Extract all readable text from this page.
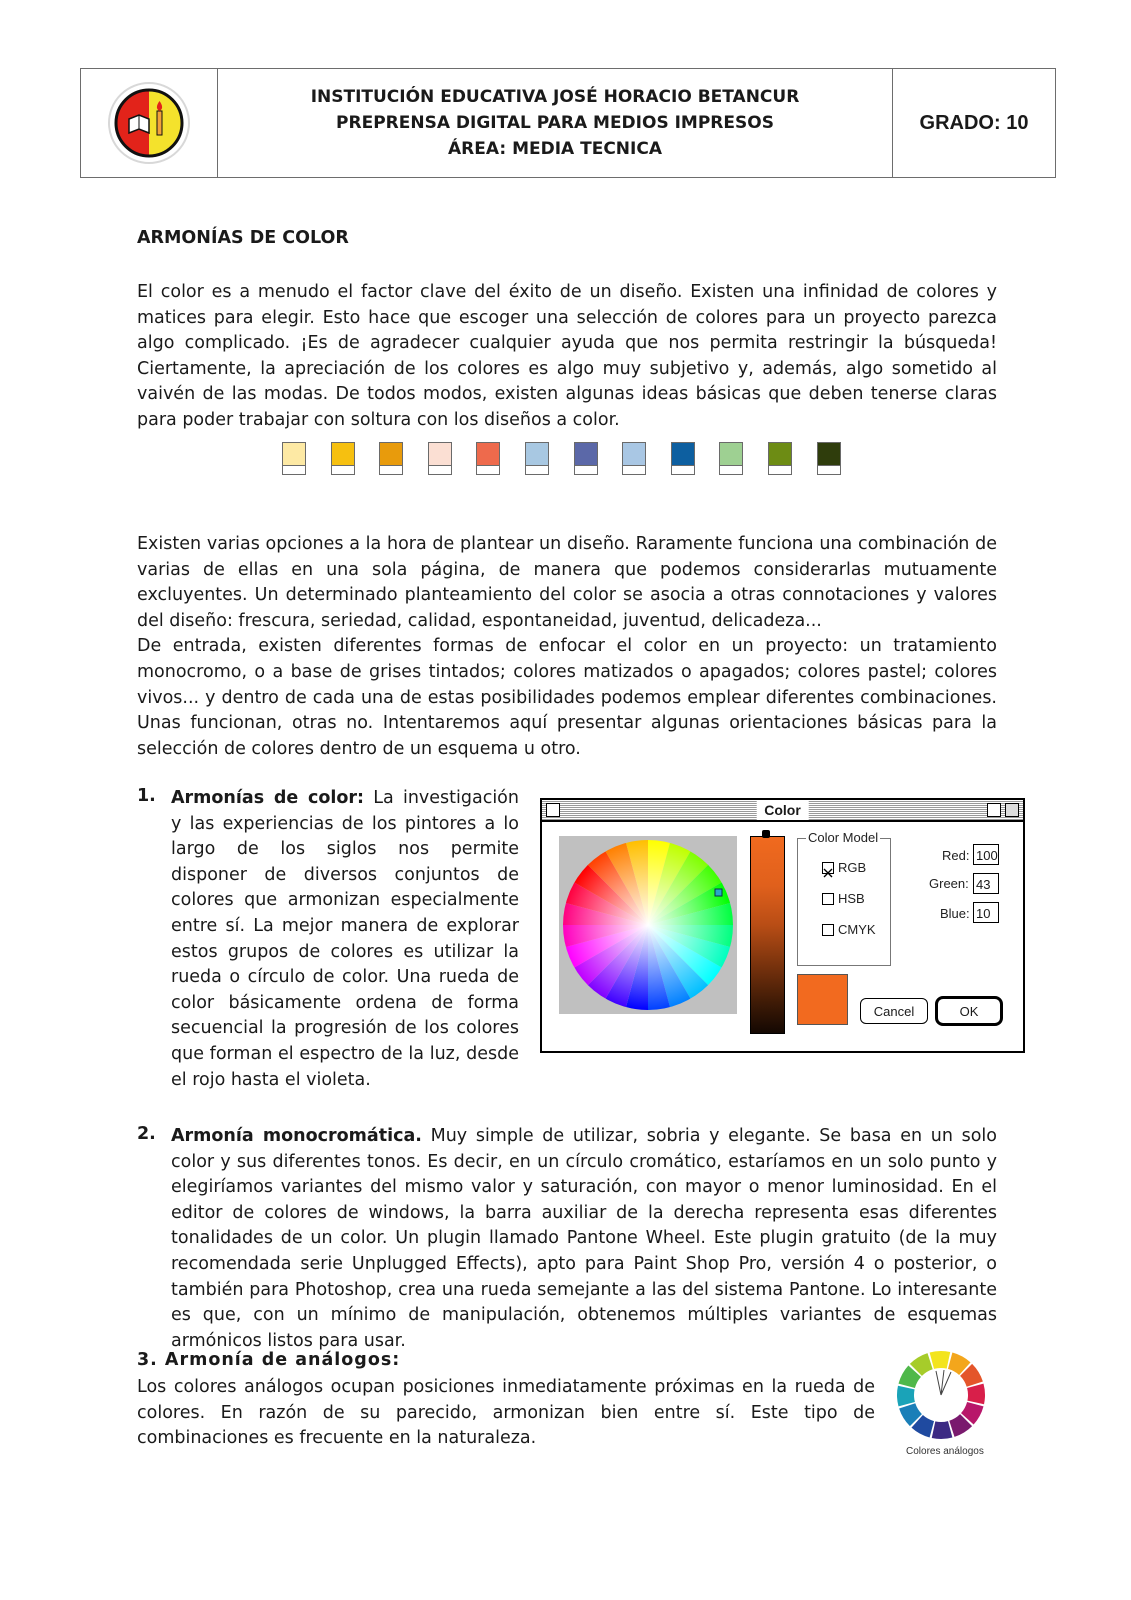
INSTITUCIÓN EDUCATIVA JOSÉ HORACIO BETANCUR
PREPRENSA DIGITAL PARA MEDIOS IMPRESOS
ÁREA: MEDIA TECNICA
GRADO: 10
ARMONÍAS DE COLOR
El color es a menudo el factor clave del éxito de un diseño. Existen una infinidad de colores y matices para elegir. Esto hace que escoger una selección de colores para un proyecto parezca algo complicado. ¡Es de agradecer cualquier ayuda que nos permita restringir la búsqueda! Ciertamente, la apreciación de los colores es algo muy subjetivo y, además, algo sometido al vaivén de las modas. De todos modos, existen algunas ideas básicas que deben tenerse claras para poder trabajar con soltura con los diseños a color.
Existen varias opciones a la hora de plantear un diseño. Raramente funciona una combinación de varias de ellas en una sola página, de manera que podemos considerarlas mutuamente excluyentes. Un determinado planteamiento del color se asocia a otras connotaciones y valores del diseño: frescura, seriedad, calidad, espontaneidad, juventud, delicadeza...
De entrada, existen diferentes formas de enfocar el color en un proyecto: un tratamiento monocromo, o a base de grises tintados; colores matizados o apagados; colores pastel; colores vivos... y dentro de cada una de estas posibilidades podemos emplear diferentes combinaciones. Unas funcionan, otras no. Intentaremos aquí presentar algunas orientaciones básicas para la selección de colores dentro de un esquema u otro.
1. Armonías de color: La investigación y las experiencias de los pintores a lo largo de los siglos nos permite disponer de diversos conjuntos de colores que armonizan especialmente entre sí. La mejor manera de explorar estos grupos de colores es utilizar la rueda o círculo de color. Una rueda de color básicamente ordena de forma secuencial la progresión de los colores que forman el espectro de la luz, desde el rojo hasta el violeta.
Color
Color Model
RGB
HSB
CMYK
Red: 100
Green: 43
Blue: 10
Cancel	OK
2. Armonía monocromática. Muy simple de utilizar, sobria y elegante. Se basa en un solo color y sus diferentes tonos. Es decir, en un círculo cromático, estaríamos en un solo punto y elegiríamos variantes del mismo valor y saturación, con mayor o menor luminosidad. En el editor de colores de windows, la barra auxiliar de la derecha representa esas diferentes tonalidades de un color. Un plugin llamado Pantone Wheel. Este plugin gratuito (de la muy recomendada serie Unplugged Effects), apto para Paint Shop Pro, versión 4 o posterior, o también para Photoshop, crea una rueda semejante a las del sistema Pantone. Lo interesante es que, con un mínimo de manipulación, obtenemos múltiples variantes de esquemas armónicos listos para usar.
3. Armonía de análogos:
Los colores análogos ocupan posiciones inmediatamente próximas en la rueda de colores. En razón de su parecido, armonizan bien entre sí. Este tipo de combinaciones es frecuente en la naturaleza.
Colores análogos
